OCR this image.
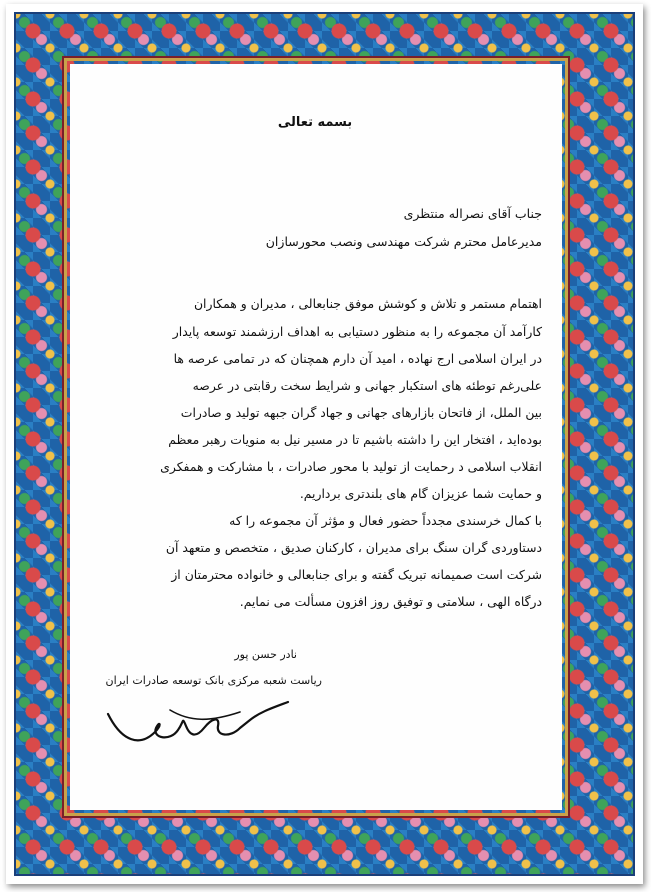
بسمه تعالی
جناب آقای نصراله منتظری
مدیرعامل محترم شرکت مهندسی ونصب محورسازان
اهتمام مستمر و تلاش و کوشش موفق جنابعالی ، مدیران و همکاران
کارآمد آن مجموعه را به منظور دستیابی به اهداف ارزشمند توسعه پایدار
در ایران اسلامی ارج نهاده ، امید آن دارم همچنان که در تمامی عرصه ها
علی‌رغم توطئه های استکبار جهانی و شرایط سخت رقابتی در عرصه
بین الملل، از فاتحان بازارهای جهانی و جهاد گران جبهه تولید و صادرات
بوده‌اید ، افتخار این را داشته باشیم تا در مسیر نیل به منویات رهبر معظم
انقلاب اسلامی د رحمایت از تولید با محور صادرات ، با مشارکت و همفکری
و حمایت شما عزیزان گام های بلندتری برداریم.
با کمال خرسندی مجدداً حضور فعال و مؤثر آن مجموعه را که
دستاوردی گران سنگ برای مدیران ، کارکنان صدیق ، متخصص و متعهد آن
شرکت است صمیمانه تبریک گفته و برای جنابعالی و خانواده محترمتان از
درگاه الهی ، سلامتی و توفیق روز افزون مسألت می نمایم.
نادر حسن پور
ریاست شعبه مرکزی بانک توسعه صادرات ایران
